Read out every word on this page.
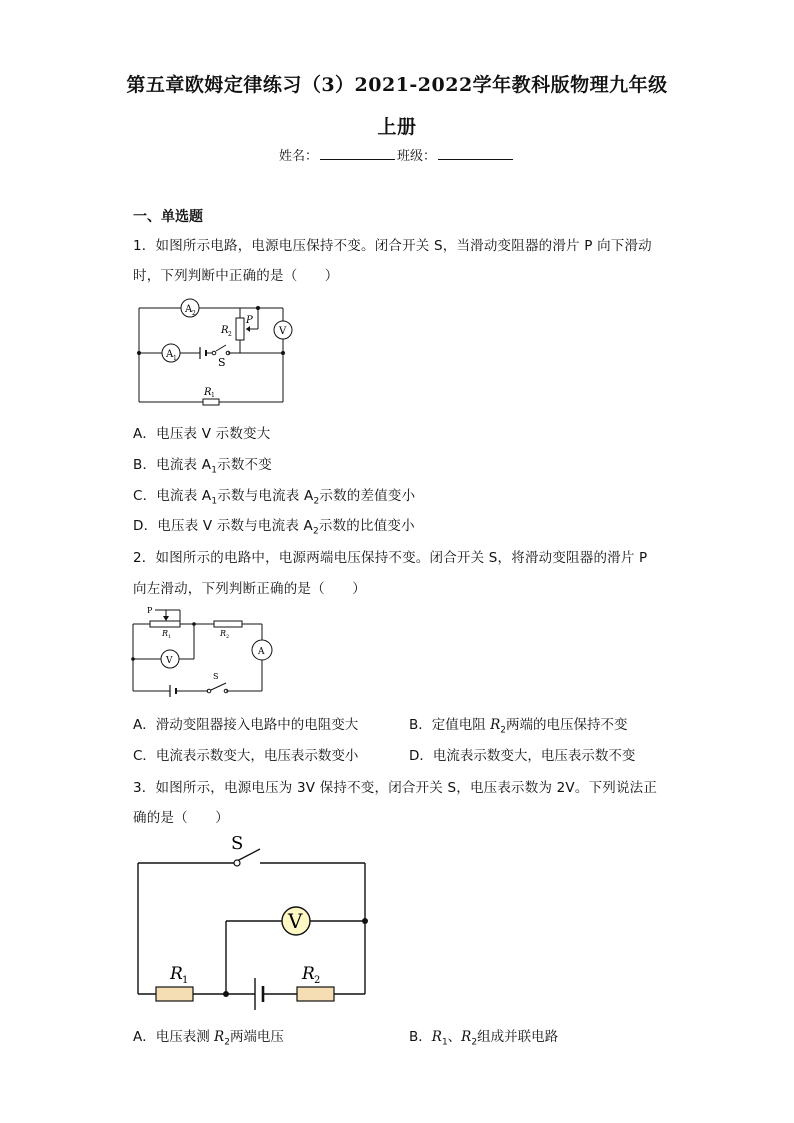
第五章欧姆定律练习（3）2021-2022学年教科版物理九年级
上册
姓名：	班级：
一、单选题
1．如图所示电路，电源电压保持不变。闭合开关 S，当滑动变阻器的滑片 P 向下滑动
时，下列判断中正确的是（　　）
A 2
A 1
V
R 2
P
S
R 1
A．电压表 V 示数变大
B．电流表 $A_1$示数不变
C．电流表 $A_1$示数与电流表 $A_2$示数的差值变小
D．电压表 V 示数与电流表 $A_2$示数的比值变小
2．如图所示的电路中，电源两端电压保持不变。闭合开关 S，将滑动变阻器的滑片 P
向左滑动，下列判断正确的是（　　）
V
A
P
R 1	R 2
S
A．滑动变阻器接入电路中的电阻变大	B．定值电阻 $R_2$两端的电压保持不变
C．电流表示数变大，电压表示数变小	D．电流表示数变大，电压表示数不变
3．如图所示，电源电压为 3V 保持不变，闭合开关 S，电压表示数为 2V。下列说法正
确的是（　　）
V
S
R 1	R 2
A．电压表测 $R_2$两端电压	B．$R_1$、$R_2$组成并联电路
